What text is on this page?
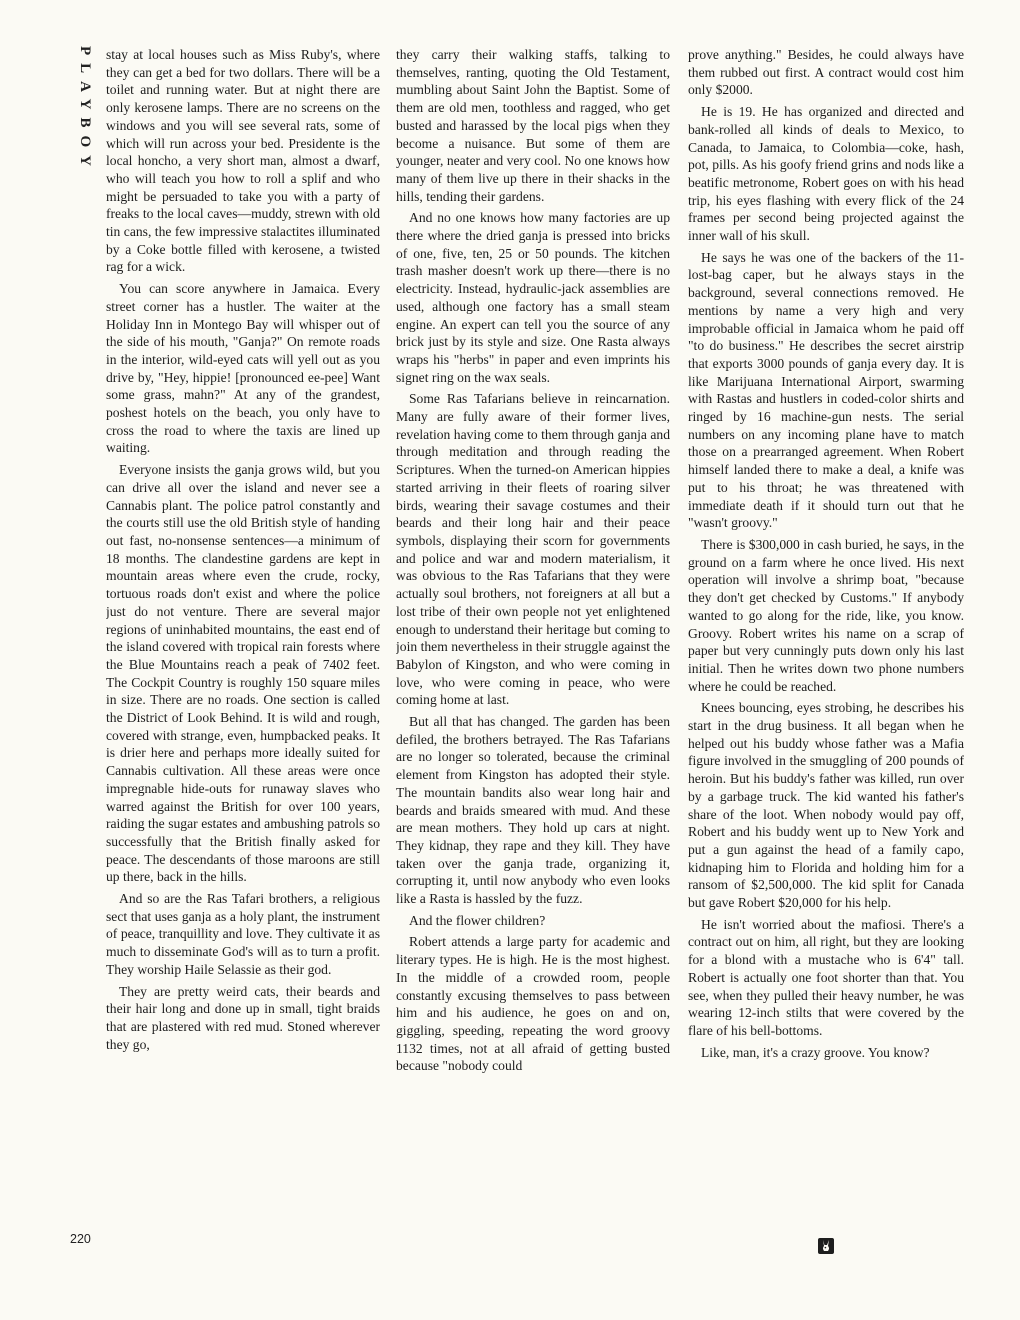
PLAYBOY stay at local houses such as Miss Ruby's, where they can get a bed for two dollars. There will be a toilet and running water. But at night there are only kerosene lamps. There are no screens on the windows and you will see several rats, some of which will run across your bed. Presidente is the local honcho, a very short man, almost a dwarf, who will teach you how to roll a splif and who might be persuaded to take you with a party of freaks to the local caves—muddy, strewn with old tin cans, the few impressive stalactites illuminated by a Coke bottle filled with kerosene, a twisted rag for a wick.

You can score anywhere in Jamaica. Every street corner has a hustler. The waiter at the Holiday Inn in Montego Bay will whisper out of the side of his mouth, "Ganja?" On remote roads in the interior, wild-eyed cats will yell out as you drive by, "Hey, hippie! [pronounced ee-pee] Want some grass, mahn?" At any of the grandest, poshest hotels on the beach, you only have to cross the road to where the taxis are lined up waiting.

Everyone insists the ganja grows wild, but you can drive all over the island and never see a Cannabis plant. The police patrol constantly and the courts still use the old British style of handing out fast, no-nonsense sentences—a minimum of 18 months. The clandestine gardens are kept in mountain areas where even the crude, rocky, tortuous roads don't exist and where the police just do not venture. There are several major regions of uninhabited mountains, the east end of the island covered with tropical rain forests where the Blue Mountains reach a peak of 7402 feet. The Cockpit Country is roughly 150 square miles in size. There are no roads. One section is called the District of Look Behind. It is wild and rough, covered with strange, even, humpbacked peaks. It is drier here and perhaps more ideally suited for Cannabis cultivation. All these areas were once impregnable hide-outs for runaway slaves who warred against the British for over 100 years, raiding the sugar estates and ambushing patrols so successfully that the British finally asked for peace. The descendants of those maroons are still up there, back in the hills.

And so are the Ras Tafari brothers, a religious sect that uses ganja as a holy plant, the instrument of peace, tranquillity and love. They cultivate it as much to disseminate God's will as to turn a profit. They worship Haile Selassie as their god.

They are pretty weird cats, their beards and their hair long and done up in small, tight braids that are plastered with red mud. Stoned wherever they go,

they carry their walking staffs, talking to themselves, ranting, quoting the Old Testament, mumbling about Saint John the Baptist. Some of them are old men, toothless and ragged, who get busted and harassed by the local pigs when they become a nuisance. But some of them are younger, neater and very cool. No one knows how many of them live up there in their shacks in the hills, tending their gardens.

And no one knows how many factories are up there where the dried ganja is pressed into bricks of one, five, ten, 25 or 50 pounds. The kitchen trash masher doesn't work up there—there is no electricity. Instead, hydraulic-jack assemblies are used, although one factory has a small steam engine. An expert can tell you the source of any brick just by its style and size. One Rasta always wraps his "herbs" in paper and even imprints his signet ring on the wax seals.

Some Ras Tafarians believe in reincarnation. Many are fully aware of their former lives, revelation having come to them through ganja and through meditation and through reading the Scriptures. When the turned-on American hippies started arriving in their fleets of roaring silver birds, wearing their savage costumes and their beards and their long hair and their peace symbols, displaying their scorn for governments and police and war and modern materialism, it was obvious to the Ras Tafarians that they were actually soul brothers, not foreigners at all but a lost tribe of their own people not yet enlightened enough to understand their heritage but coming to join them nevertheless in their struggle against the Babylon of Kingston, and who were coming in love, who were coming in peace, who were coming home at last.

But all that has changed. The garden has been defiled, the brothers betrayed. The Ras Tafarians are no longer so tolerated, because the criminal element from Kingston has adopted their style. The mountain bandits also wear long hair and beards and braids smeared with mud. And these are mean mothers. They hold up cars at night. They kidnap, they rape and they kill. They have taken over the ganja trade, organizing it, corrupting it, until now anybody who even looks like a Rasta is hassled by the fuzz.

And the flower children?

Robert attends a large party for academic and literary types. He is high. He is the most highest. In the middle of a crowded room, people constantly excusing themselves to pass between him and his audience, he goes on and on, giggling, speeding, repeating the word groovy 1132 times, not at all afraid of getting busted because "nobody could

prove anything." Besides, he could always have them rubbed out first. A contract would cost him only $2000.

He is 19. He has organized and directed and bank-rolled all kinds of deals to Mexico, to Canada, to Jamaica, to Colombia—coke, hash, pot, pills. As his goofy friend grins and nods like a beatific metronome, Robert goes on with his head trip, his eyes flashing with every flick of the 24 frames per second being projected against the inner wall of his skull.

He says he was one of the backers of the 11-lost-bag caper, but he always stays in the background, several connections removed. He mentions by name a very high and very improbable official in Jamaica whom he paid off "to do business." He describes the secret airstrip that exports 3000 pounds of ganja every day. It is like Marijuana International Airport, swarming with Rastas and hustlers in coded-color shirts and ringed by 16 machine-gun nests. The serial numbers on any incoming plane have to match those on a prearranged agreement. When Robert himself landed there to make a deal, a knife was put to his throat; he was threatened with immediate death if it should turn out that he "wasn't groovy."

There is $300,000 in cash buried, he says, in the ground on a farm where he once lived. His next operation will involve a shrimp boat, "because they don't get checked by Customs." If anybody wanted to go along for the ride, like, you know. Groovy. Robert writes his name on a scrap of paper but very cunningly puts down only his last initial. Then he writes down two phone numbers where he could be reached.

Knees bouncing, eyes strobing, he describes his start in the drug business. It all began when he helped out his buddy whose father was a Mafia figure involved in the smuggling of 200 pounds of heroin. But his buddy's father was killed, run over by a garbage truck. The kid wanted his father's share of the loot. When nobody would pay off, Robert and his buddy went up to New York and put a gun against the head of a family capo, kidnaping him to Florida and holding him for a ransom of $2,500,000. The kid split for Canada but gave Robert $20,000 for his help.

He isn't worried about the mafiosi. There's a contract out on him, all right, but they are looking for a blond with a mustache who is 6'4" tall. Robert is actually one foot shorter than that. You see, when they pulled their heavy number, he was wearing 12-inch stilts that were covered by the flare of his bell-bottoms.

Like, man, it's a crazy groove. You know?

220
